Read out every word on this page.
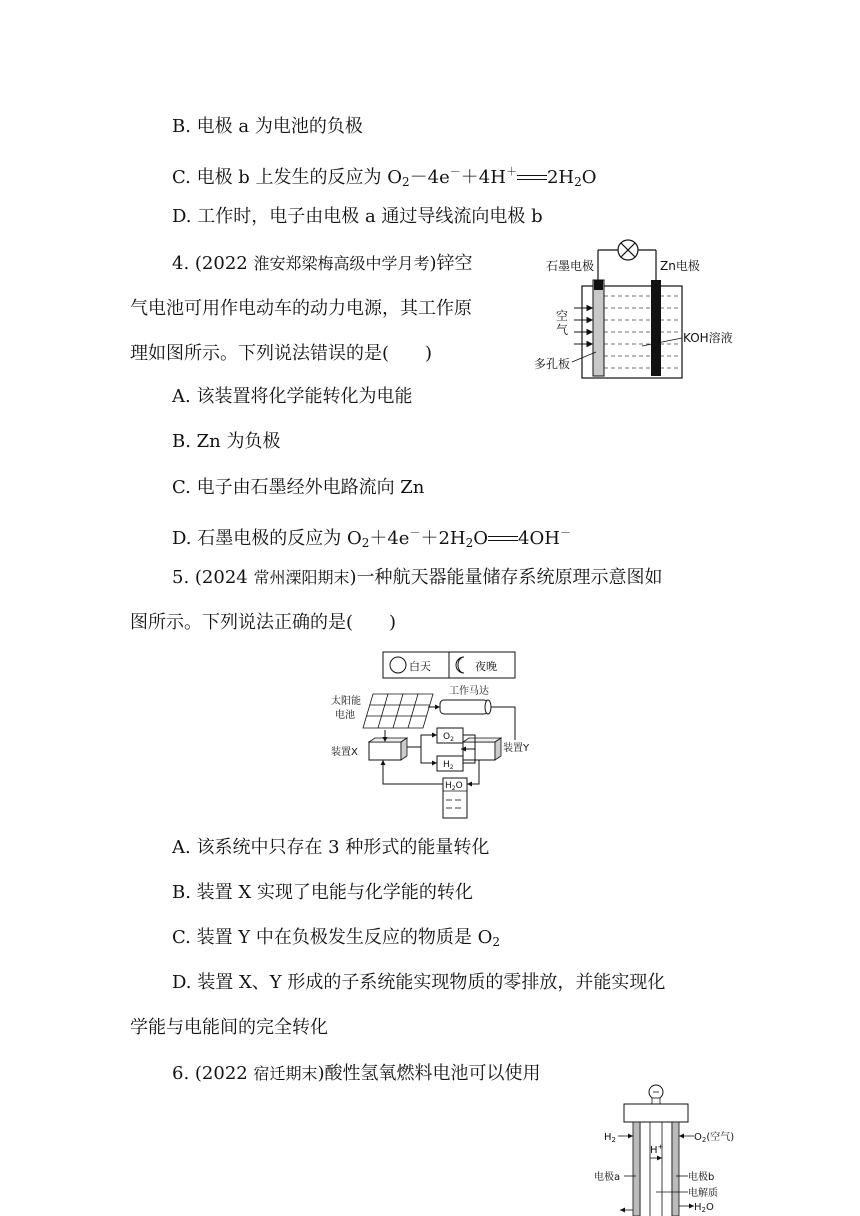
B. 电极 a 为电池的负极
C. 电极 b 上发生的反应为 $O_2-4e^-+4H^+$ $2H_2O$
D. 工作时，电子由电极 a 通过导线流向电极 b
4. (2022 淮安郑梁梅高级中学月考)锌空
气电池可用作电动车的动力电源，其工作原
理如图所示。下列说法错误的是(　　)
石墨电极	Zn电极
空
气
KOH溶液
多孔板
A. 该装置将化学能转化为电能
B. Zn 为负极
C. 电子由石墨经外电路流向 Zn
D. 石墨电极的反应为 $O_2+4e^-+2H_2O$ 4OH－
5. (2024 常州溧阳期末)一种航天器能量储存系统原理示意图如
图所示。下列说法正确的是(　　)
白天	夜晚
太阳能
电池
工作马达
装置X	装置Y
$O_2$
$H_2$
$H_2O$
A. 该系统中只存在 3 种形式的能量转化
B. 装置 X 实现了电能与化学能的转化
C. 装置 Y 中在负极发生反应的物质是 $O_2$
D. 装置 X、Y 形成的子系统能实现物质的零排放，并能实现化
学能与电能间的完全转化
6. (2022 宿迁期末)酸性氢氧燃料电池可以使用
H+
$H_2$	$O_2$(空气)
电极a	电极b
电解质
$H_2O$
